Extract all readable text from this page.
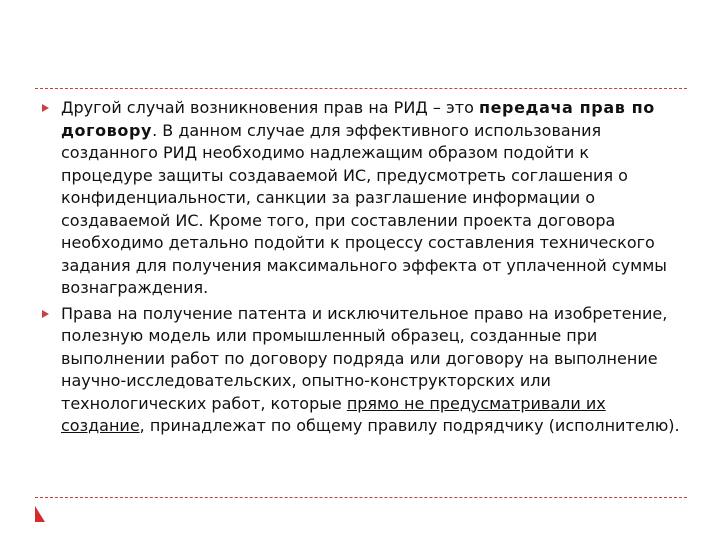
Другой случай возникновения прав на РИД – это передача прав по договору. В данном случае для эффективного использования созданного РИД необходимо надлежащим образом подойти к процедуре защиты создаваемой ИС, предусмотреть соглашения о конфиденциальности, санкции за разглашение информации о создаваемой ИС. Кроме того, при составлении проекта договора необходимо детально подойти к процессу составления технического задания для получения максимального эффекта от уплаченной суммы вознаграждения.

Права на получение патента и исключительное право на изобретение, полезную модель или промышленный образец, созданные при выполнении работ по договору подряда или договору на выполнение научно-исследовательских, опытно-конструкторских или технологических работ, которые прямо не предусматривали их создание, принадлежат по общему правилу подрядчику (исполнителю).
